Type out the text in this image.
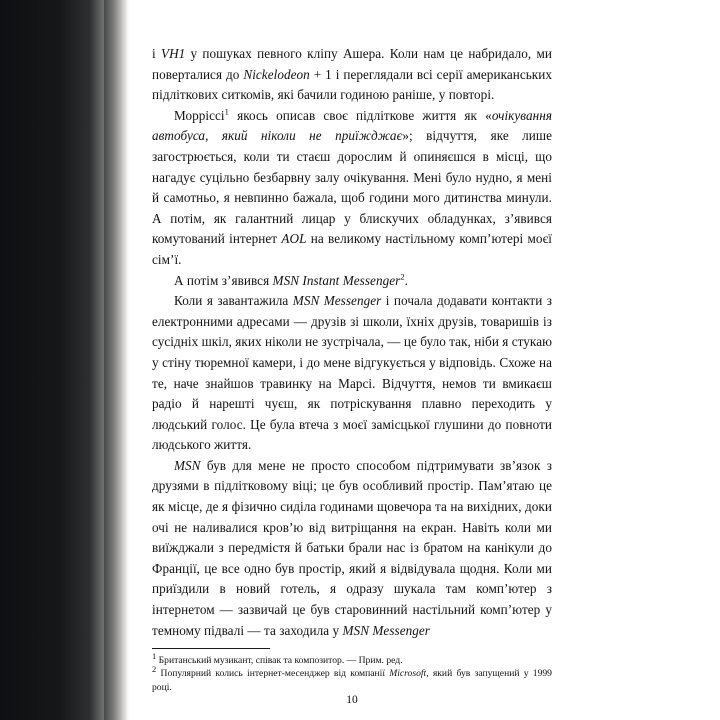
і VH1 у пошуках певного кліпу Ашера. Коли нам це набридало, ми поверталися до Nickelodeon + 1 і переглядали всі серії американських підліткових ситкомів, які бачили годиною раніше, у повторі.

Морріссі$^1$ якось описав своє підліткове життя як «очікування автобуса, який ніколи не приїжджає»; відчуття, яке лише загострюється, коли ти стаєш дорослим й опиняєшся в місці, що нагадує суцільно безбарвну залу очікування. Мені було нудно, я мені й самотньо, я невпинно бажала, щоб години мого дитинства минули. А потім, як галантний лицар у блискучих обладунках, з’явився комутований інтернет AOL на великому настільному комп’ютері моєї сім’ї.

А потім з’явився MSN Instant Messenger$^2$.

Коли я завантажила MSN Messenger і почала додавати контакти з електронними адресами — друзів зі школи, їхніх друзів, товаришів із сусідніх шкіл, яких ніколи не зустрічала, — це було так, ніби я стукаю у стіну тюремної камери, і до мене відгукується у відповідь. Схоже на те, наче знайшов травинку на Марсі. Відчуття, немов ти вмикаєш радіо й нарешті чуєш, як потріскування плавно переходить у людський голос. Це була втеча з моєї замісцької глушини до повноти людського життя.

MSN був для мене не просто способом підтримувати зв’язок з друзями в підлітковому віці; це був особливий простір. Пам’ятаю це як місце, де я фізично сиділа годинами щовечора та на вихідних, доки очі не наливалися кров’ю від витріщання на екран. Навіть коли ми виїжджали з передмістя й батьки брали нас із братом на канікули до Франції, це все одно був простір, який я відвідувала щодня. Коли ми приїздили в новий готель, я одразу шукала там комп’ютер з інтернетом — зазвичай це був старовинний настільний комп’ютер у темному підвалі — та заходила у MSN Messenger

$^1$ Британський музикант, співак та композитор. — Прим. ред.

$^2$ Популярний колись інтернет-месенджер від компанії Microsoft, який був запущений у 1999 році.

10
